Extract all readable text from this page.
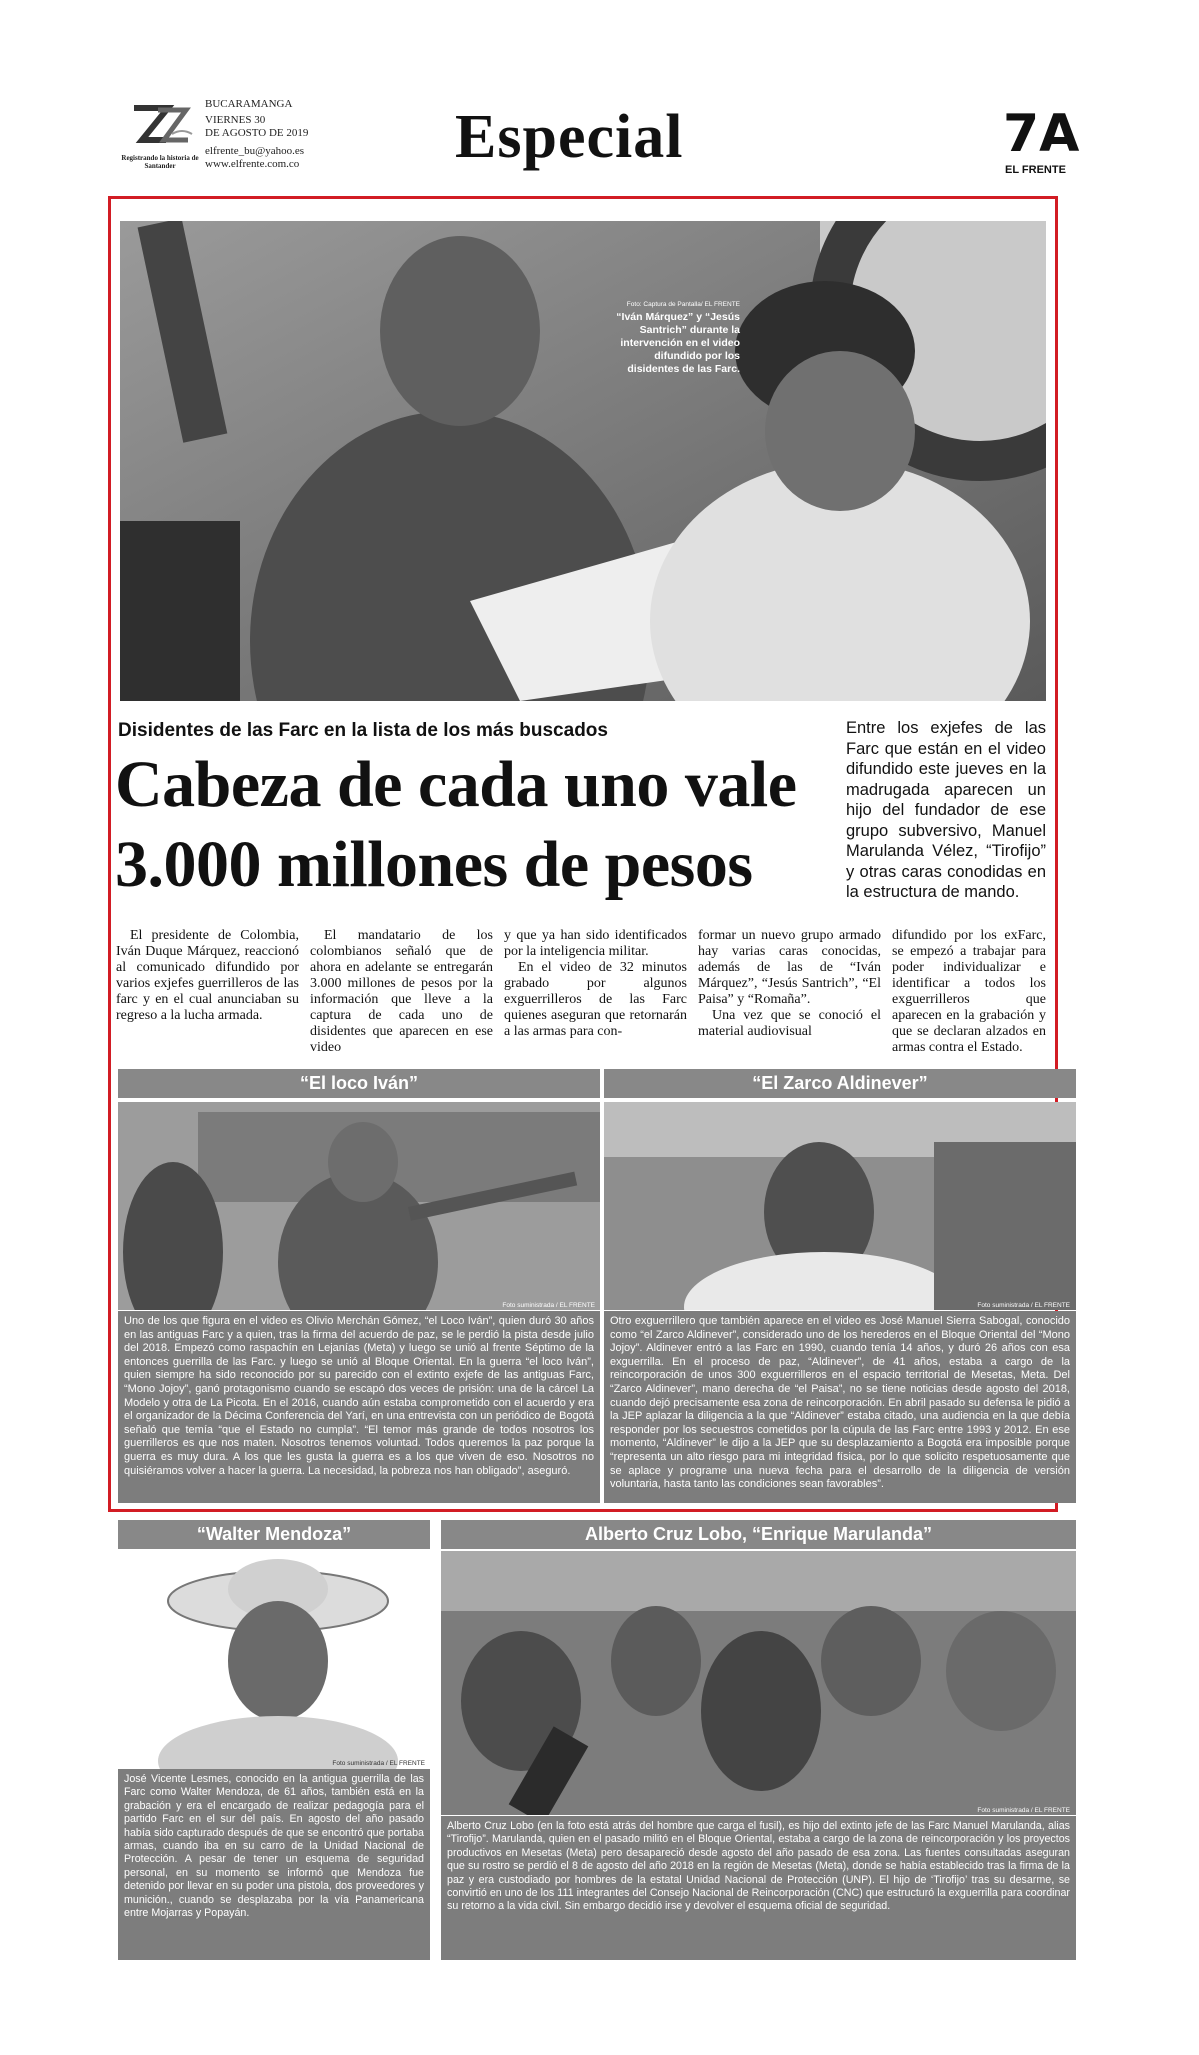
Registrando la historia de Santander
BUCARAMANGA
VIERNES 30
DE AGOSTO DE 2019
elfrente_bu@yahoo.es
www.elfrente.com.co	Especial	7A
EL FRENTE
Foto: Captura de Pantalla/ EL FRENTE
“Iván Márquez” y “Jesús Santrich” durante la intervención en el video difundido por los disidentes de las Farc.
Disidentes de las Farc en la lista de los más buscados
Cabeza de cada uno vale
3.000 millones de pesos
Entre los exjefes de las Farc que están en el video difundido este jueves en la madrugada aparecen un hijo del fundador de ese grupo subversivo, Manuel Marulanda Vélez, “Tirofijo” y otras caras conodidas en la estructura de mando.

El presidente de Colombia, Iván Duque Márquez, reaccionó al comunicado difundido por varios exjefes guerrilleros de las farc y en el cual anunciaban su regreso a la lucha armada.

El mandatario de los colombianos señaló que de ahora en adelante se entregarán 3.000 millones de pesos por la información que lleve a la captura de cada uno de disidentes que aparecen en ese video

y que ya han sido identificados por la inteligencia militar.

En el video de 32 minutos grabado por algunos exguerrilleros de las Farc quienes aseguran que retornarán a las armas para con-

formar un nuevo grupo armado hay varias caras conocidas, además de las de “Iván Márquez”, “Jesús Santrich”, “El Paisa” y “Romaña”.

Una vez que se conoció el material audiovisual

difundido por los exFarc, se empezó a trabajar para poder individualizar e identificar a todos los exguerrilleros que aparecen en la grabación y que se declaran alzados en armas contra el Estado.

“El loco Iván”
Foto suministrada / EL FRENTE

Uno de los que figura en el video es Olivio Merchán Gómez, “el Loco Iván”, quien duró 30 años en las antiguas Farc y a quien, tras la firma del acuerdo de paz, se le perdió la pista desde julio del 2018. Empezó como raspachín en Lejanías (Meta) y luego se unió al frente Séptimo de la entonces guerrilla de las Farc. y luego se unió al Bloque Oriental. En la guerra “el loco Iván”, quien siempre ha sido reconocido por su parecido con el extinto exjefe de las antiguas Farc, “Mono Jojoy”, ganó protagonismo cuando se escapó dos veces de prisión: una de la cárcel La Modelo y otra de La Picota. En el 2016, cuando aún estaba comprometido con el acuerdo y era el organizador de la Décima Conferencia del Yarí, en una entrevista con un periódico de Bogotá señaló que temía “que el Estado no cumpla”. “El temor más grande de todos nosotros los guerrilleros es que nos maten. Nosotros tenemos voluntad. Todos queremos la paz porque la guerra es muy dura. A los que les gusta la guerra es a los que viven de eso. Nosotros no quisiéramos volver a hacer la guerra. La necesidad, la pobreza nos han obligado”, aseguró.

“El Zarco Aldinever”
Foto suministrada / EL FRENTE

Otro exguerrillero que también aparece en el video es José Manuel Sierra Sabogal, conocido como “el Zarco Aldinever”, considerado uno de los herederos en el Bloque Oriental del “Mono Jojoy”. Aldinever entró a las Farc en 1990, cuando tenía 14 años, y duró 26 años con esa exguerrilla. En el proceso de paz, “Aldinever”, de 41 años, estaba a cargo de la reincorporación de unos 300 exguerrilleros en el espacio territorial de Mesetas, Meta. Del “Zarco Aldinever”, mano derecha de “el Paisa”, no se tiene noticias desde agosto del 2018, cuando dejó precisamente esa zona de reincorporación. En abril pasado su defensa le pidió a la JEP aplazar la diligencia a la que “Aldinever” estaba citado, una audiencia en la que debía responder por los secuestros cometidos por la cúpula de las Farc entre 1993 y 2012. En ese momento, “Aldinever” le dijo a la JEP que su desplazamiento a Bogotá era imposible porque “representa un alto riesgo para mi integridad física, por lo que solicito respetuosamente que se aplace y programe una nueva fecha para el desarrollo de la diligencia de versión voluntaria, hasta tanto las condiciones sean favorables”.

“Walter Mendoza”
Foto suministrada / EL FRENTE

José Vicente Lesmes, conocido en la antigua guerrilla de las Farc como Walter Mendoza, de 61 años, también está en la grabación y era el encargado de realizar pedagogía para el partido Farc en el sur del país. En agosto del año pasado había sido capturado después de que se encontró que portaba armas, cuando iba en su carro de la Unidad Nacional de Protección. A pesar de tener un esquema de seguridad personal, en su momento se informó que Mendoza fue detenido por llevar en su poder una pistola, dos proveedores y munición., cuando se desplazaba por la vía Panamericana entre Mojarras y Popayán.

Alberto Cruz Lobo, “Enrique Marulanda”
Foto suministrada / EL FRENTE

Alberto Cruz Lobo (en la foto está atrás del hombre que carga el fusil), es hijo del extinto jefe de las Farc Manuel Marulanda, alias “Tirofijo”. Marulanda, quien en el pasado militó en el Bloque Oriental, estaba a cargo de la zona de reincorporación y los proyectos productivos en Mesetas (Meta) pero desapareció desde agosto del año pasado de esa zona. Las fuentes consultadas aseguran que su rostro se perdió el 8 de agosto del año 2018 en la región de Mesetas (Meta), donde se había establecido tras la firma de la paz y era custodiado por hombres de la estatal Unidad Nacional de Protección (UNP). El hijo de ‘Tirofijo’ tras su desarme, se convirtió en uno de los 111 integrantes del Consejo Nacional de Reincorporación (CNC) que estructuró la exguerrilla para coordinar su retorno a la vida civil. Sin embargo decidió irse y devolver el esquema oficial de seguridad.
